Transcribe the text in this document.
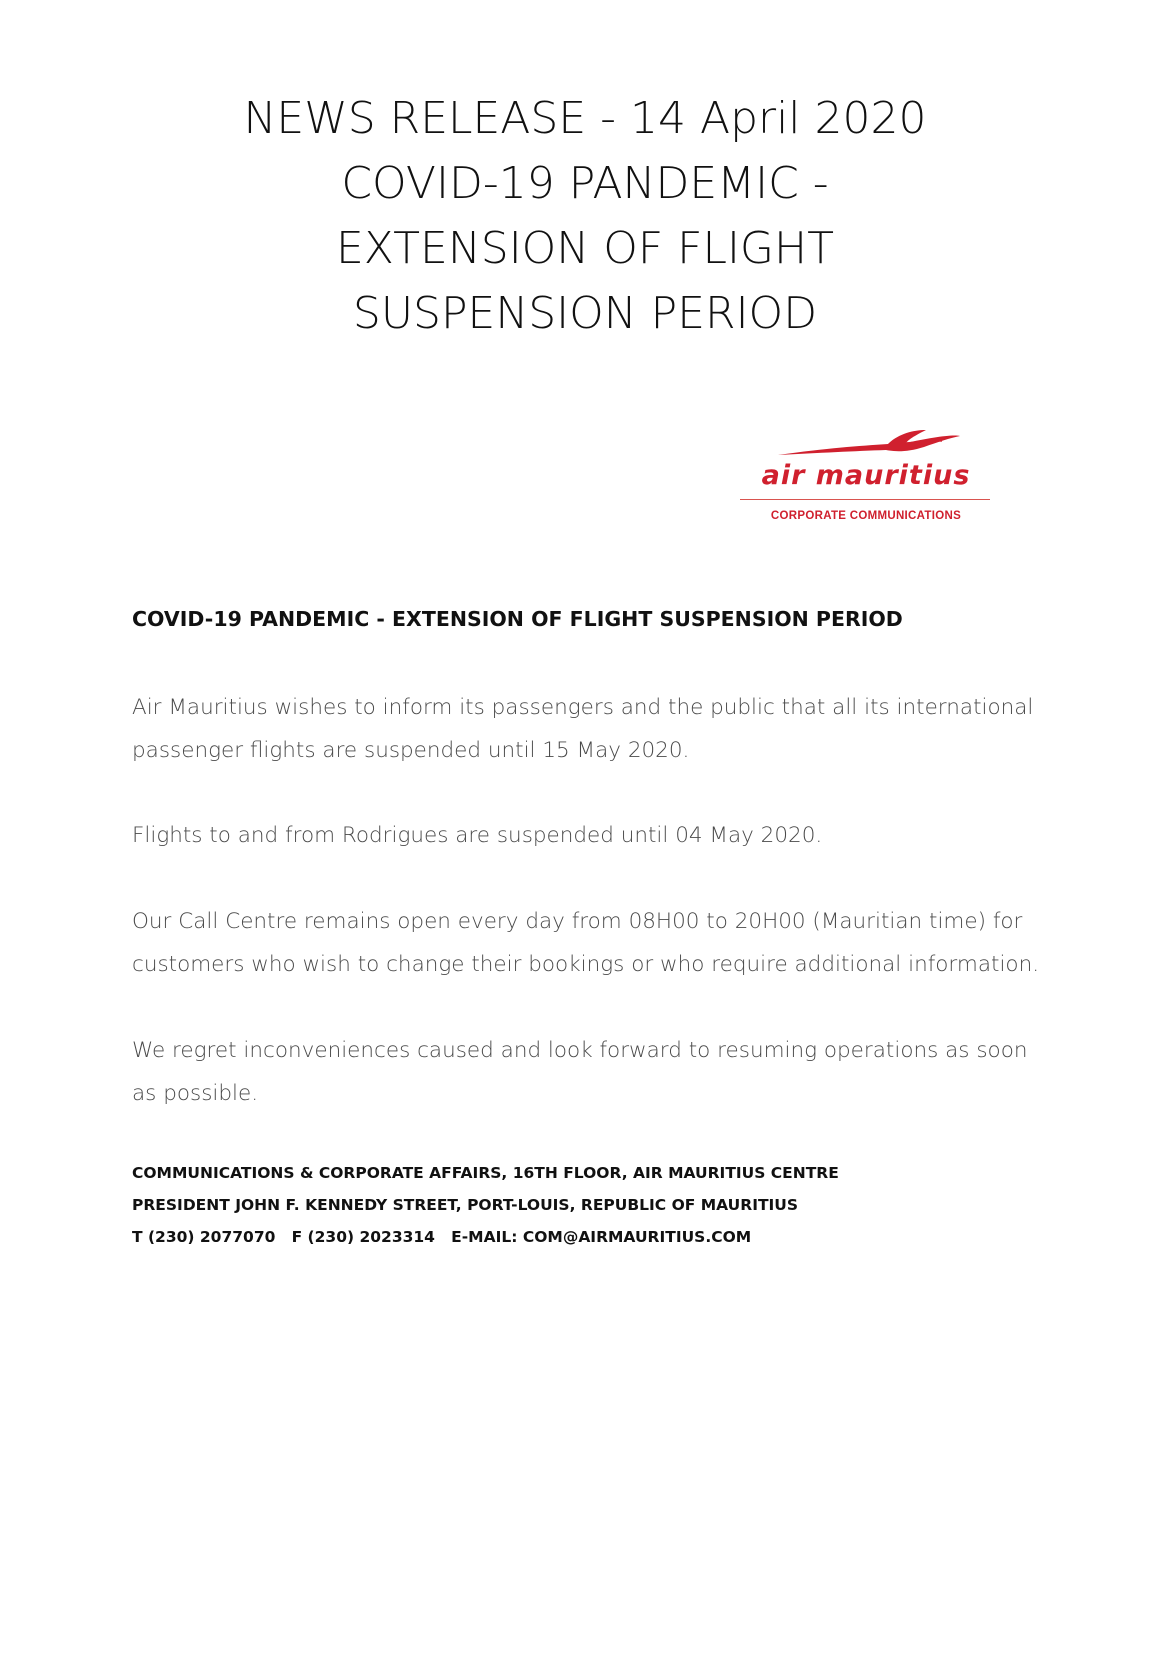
NEWS RELEASE - 14 April 2020
COVID-19 PANDEMIC -
EXTENSION OF FLIGHT
SUSPENSION PERIOD
air mauritius
CORPORATE COMMUNICATIONS
COVID-19 PANDEMIC - EXTENSION OF FLIGHT SUSPENSION PERIOD
Air Mauritius wishes to inform its passengers and the public that all its international
passenger flights are suspended until 15 May 2020.
Flights to and from Rodrigues are suspended until 04 May 2020.
Our Call Centre remains open every day from 08H00 to 20H00 (Mauritian time) for
customers who wish to change their bookings or who require additional information.
We regret inconveniences caused and look forward to resuming operations as soon
as possible.
COMMUNICATIONS & CORPORATE AFFAIRS, 16TH FLOOR, AIR MAURITIUS CENTRE
PRESIDENT JOHN F. KENNEDY STREET, PORT-LOUIS, REPUBLIC OF MAURITIUS
T (230) 2077070   F (230) 2023314   E-MAIL: COM@AIRMAURITIUS.COM
